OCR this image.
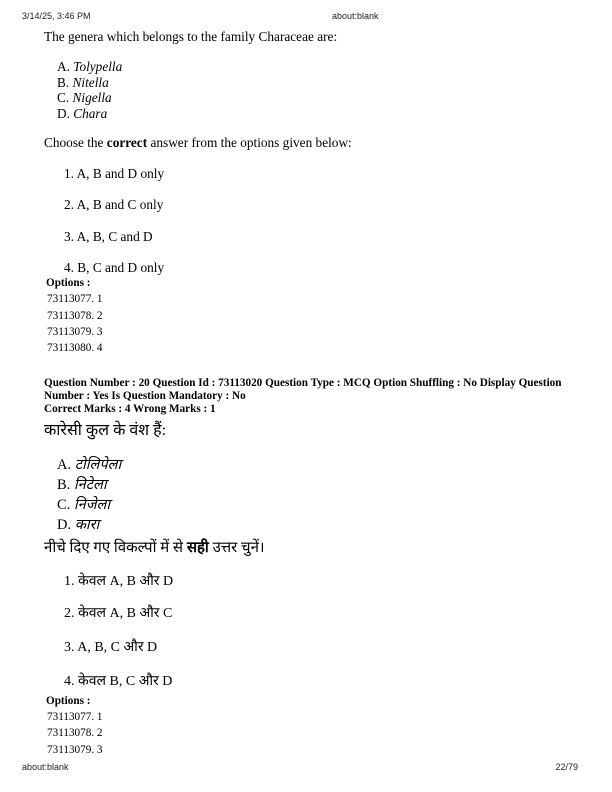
3/14/25, 3:46 PM	about:blank
The genera which belongs to the family Characeae are:
A. Tolypella
B. Nitella
C. Nigella
D. Chara
Choose the correct answer from the options given below:
1. A, B and D only
2. A, B and C only
3. A, B, C and D
4. B, C and D only
Options :
73113077. 1
73113078. 2
73113079. 3
73113080. 4
Question Number : 20 Question Id : 73113020 Question Type : MCQ Option Shuffling : No Display Question Number : Yes Is Question Mandatory : No
Correct Marks : 4 Wrong Marks : 1
कारेसी कुल के वंश हैं:
A. टोलिपेला
B. निटेला
C. निजेला
D. कारा
नीचे दिए गए विकल्पों में से सही उत्तर चुनें।
1. केवल A, B और D
2. केवल A, B और C
3. A, B, C और D
4. केवल B, C और D
Options :
73113077. 1
73113078. 2
73113079. 3
about:blank	22/79
